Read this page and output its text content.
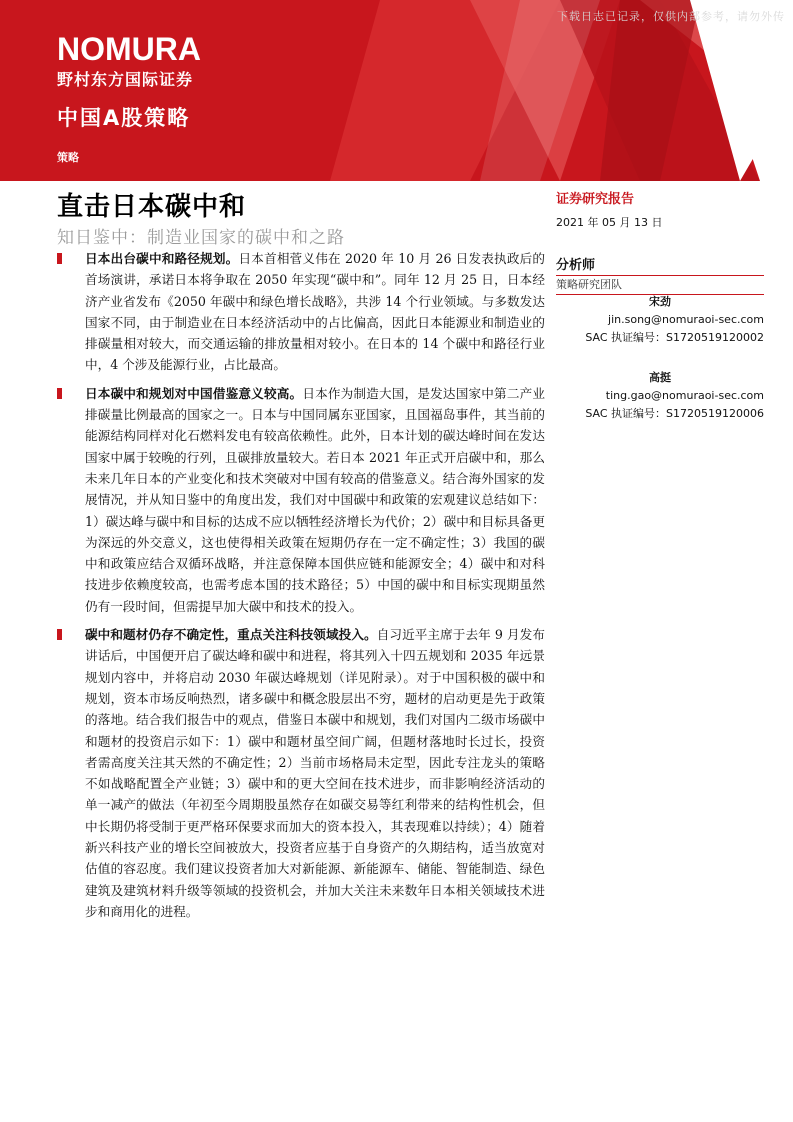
NOMURA
野村东方国际证券
中国A股策略
策略
下载日志已记录，仅供内部参考，请勿外传
直击日本碳中和
知日鉴中：制造业国家的碳中和之路
日本出台碳中和路径规划。日本首相菅义伟在 2020 年 10 月 26 日发表执政后的首场演讲，承诺日本将争取在 2050 年实现“碳中和”。同年 12 月 25 日，日本经济产业省发布《2050 年碳中和绿色增长战略》，共涉 14 个行业领域。与多数发达国家不同，由于制造业在日本经济活动中的占比偏高，因此日本能源业和制造业的排碳量相对较大，而交通运输的排放量相对较小。在日本的 14 个碳中和路径行业中，4 个涉及能源行业，占比最高。
日本碳中和规划对中国借鉴意义较高。日本作为制造大国，是发达国家中第二产业排碳量比例最高的国家之一。日本与中国同属东亚国家，且国福岛事件，其当前的能源结构同样对化石燃料发电有较高依赖性。此外，日本计划的碳达峰时间在发达国家中属于较晚的行列，且碳排放量较大。若日本 2021 年正式开启碳中和，那么未来几年日本的产业变化和技术突破对中国有较高的借鉴意义。结合海外国家的发展情况，并从知日鉴中的角度出发，我们对中国碳中和政策的宏观建议总结如下：1）碳达峰与碳中和目标的达成不应以牺牲经济增长为代价；2）碳中和目标具备更为深远的外交意义，这也使得相关政策在短期仍存在一定不确定性；3）我国的碳中和政策应结合双循环战略，并注意保障本国供应链和能源安全；4）碳中和对科技进步依赖度较高，也需考虑本国的技术路径；5）中国的碳中和目标实现期虽然仍有一段时间，但需提早加大碳中和技术的投入。
碳中和题材仍存不确定性，重点关注科技领域投入。自习近平主席于去年 9 月发布讲话后，中国便开启了碳达峰和碳中和进程，将其列入十四五规划和 2035 年远景规划内容中，并将启动 2030 年碳达峰规划（详见附录）。对于中国积极的碳中和规划，资本市场反响热烈，诸多碳中和概念股层出不穷，题材的启动更是先于政策的落地。结合我们报告中的观点，借鉴日本碳中和规划，我们对国内二级市场碳中和题材的投资启示如下：1）碳中和题材虽空间广阔，但题材落地时长过长，投资者需高度关注其天然的不确定性；2）当前市场格局未定型，因此专注龙头的策略不如战略配置全产业链；3）碳中和的更大空间在技术进步，而非影响经济活动的单一减产的做法（年初至今周期股虽然存在如碳交易等红利带来的结构性机会，但中长期仍将受制于更严格环保要求而加大的资本投入，其表现难以持续）；4）随着新兴科技产业的增长空间被放大，投资者应基于自身资产的久期结构，适当放宽对估值的容忍度。我们建议投资者加大对新能源、新能源车、储能、智能制造、绿色建筑及建筑材料升级等领域的投资机会，并加大关注未来数年日本相关领域技术进步和商用化的进程。
证券研究报告
2021 年 05 月 13 日
分析师
策略研究团队
宋劲
jin.song@nomuraoi-sec.com
SAC 执证编号：S1720519120002
高挺
ting.gao@nomuraoi-sec.com
SAC 执证编号：S1720519120006
